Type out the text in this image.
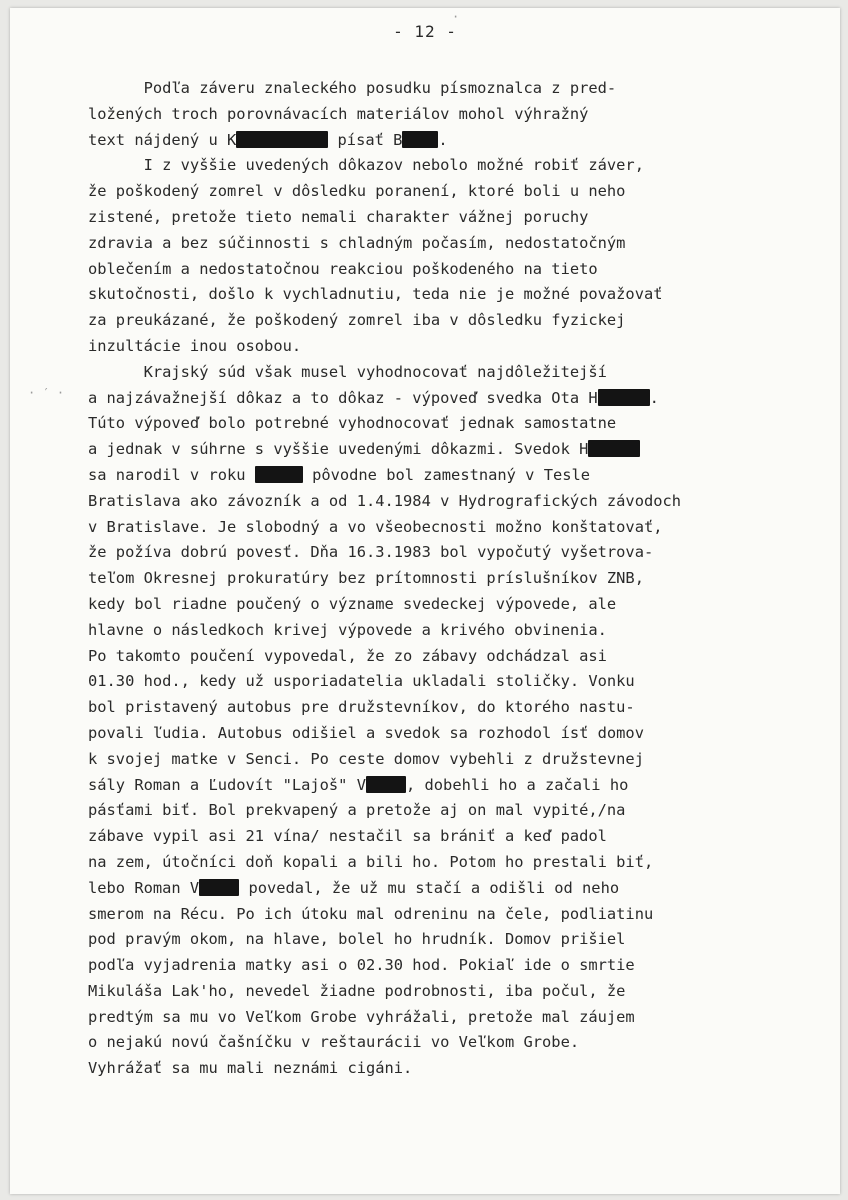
- 12 -
Podľa záveru znaleckého posudku písmoznalca z pred-
ložených troch porovnávacích materiálov mohol výhražný
text nájdený u K	písať B .
I z vyššie uvedených dôkazov nebolo možné robiť záver,
že poškodený zomrel v dôsledku poranení, ktoré boli u neho
zistené, pretože tieto nemali charakter vážnej poruchy
zdravia a bez súčinnosti s chladným počasím, nedostatočným
oblečením a nedostatočnou reakciou poškodeného na tieto
skutočnosti, došlo k vychladnutiu, teda nie je možné považovať
za preukázané, že poškodený zomrel iba v dôsledku fyzickej
inzultácie inou osobou.
Krajský súd však musel vyhodnocovať najdôležitejší
a najzávažnejší dôkaz a to dôkaz - výpoveď svedka Ota H	.
Túto výpoveď bolo potrebné vyhodnocovať jednak samostatne
a jednak v súhrne s vyššie uvedenými dôkazmi. Svedok H
sa narodil v roku	pôvodne bol zamestnaný v Tesle
Bratislava ako závozník a od 1.4.1984 v Hydrografických závodoch
v Bratislave. Je slobodný a vo všeobecnosti možno konštatovať,
že požíva dobrú povesť. Dňa 16.3.1983 bol vypočutý vyšetrova-
teľom Okresnej prokuratúry bez prítomnosti príslušníkov ZNB,
kedy bol riadne poučený o význame svedeckej výpovede, ale
hlavne o následkoch krivej výpovede a krivého obvinenia.
Po takomto poučení vypovedal, že zo zábavy odchádzal asi
01.30 hod., kedy už usporiadatelia ukladali stoličky. Vonku
bol pristavený autobus pre družstevníkov, do ktorého nastu-
povali ľudia. Autobus odišiel a svedok sa rozhodol ísť domov
k svojej matke v Senci. Po ceste domov vybehli z družstevnej
sály Roman a Ľudovít "Lajoš" V	, dobehli ho a začali ho
pásťami biť. Bol prekvapený a pretože aj on mal vypité,/na
zábave vypil asi 21 vína/ nestačil sa brániť a keď padol
na zem, útočníci doň kopali a bili ho. Potom ho prestali biť,
lebo Roman V	povedal, že už mu stačí a odišli od neho
smerom na Récu. Po ich útoku mal odreninu na čele, podliatinu
pod pravým okom, na hlave, bolel ho hrudník. Domov prišiel
podľa vyjadrenia matky asi o 02.30 hod. Pokiaľ ide o smrtie
Mikuláša Lak'ho, nevedel žiadne podrobnosti, iba počul, že
predtým sa mu vo Veľkom Grobe vyhrážali, pretože mal záujem
o nejakú novú čašníčku v reštaurácii vo Veľkom Grobe.
Vyhrážať sa mu mali neznámi cigáni.
· ′ ·
·
